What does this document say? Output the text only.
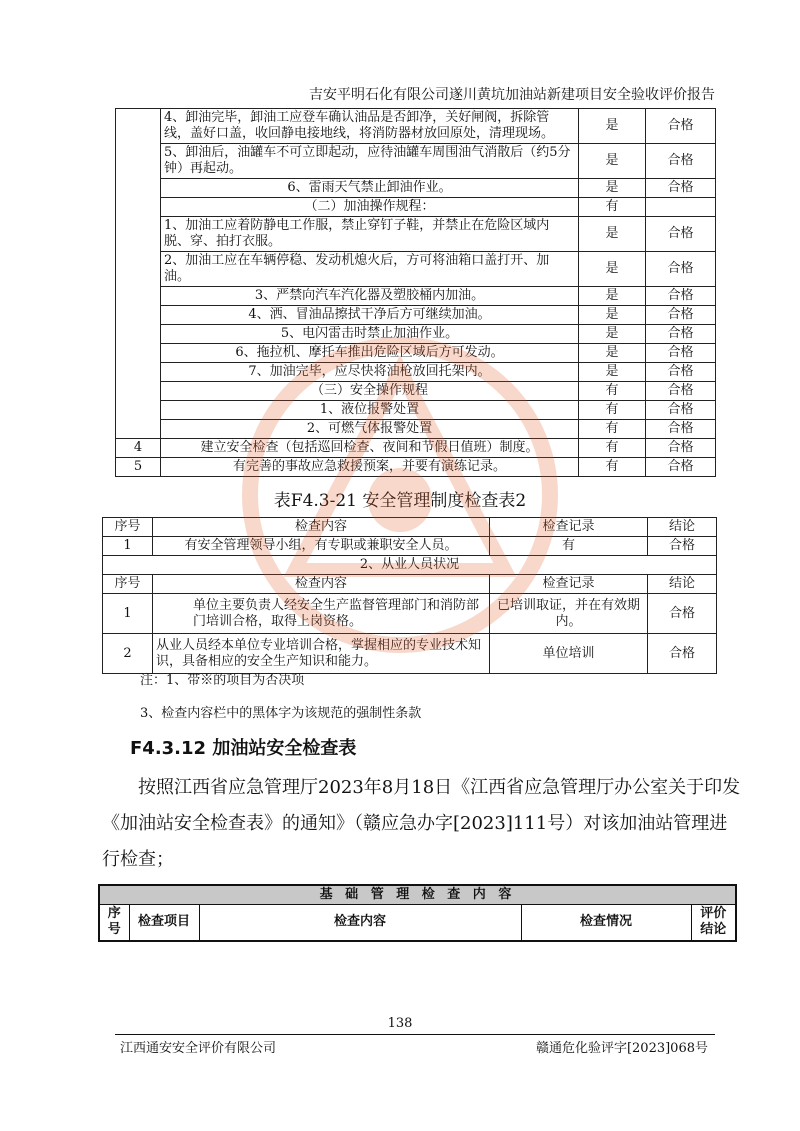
吉安平明石化有限公司遂川黄坑加油站新建项目安全验收评价报告
	4、卸油完毕，卸油工应登车确认油品是否卸净，关好闸阀，拆除管线，盖好口盖，收回静电接地线，将消防器材放回原处，清理现场。	是	合格
	5、卸油后，油罐车不可立即起动，应待油罐车周围油气消散后（约5分钟）再起动。	是	合格
	6、雷雨天气禁止卸油作业。	是	合格
	（二）加油操作规程：	有	
	1、加油工应着防静电工作服，禁止穿钉子鞋，并禁止在危险区域内脱、穿、拍打衣服。	是	合格
	2、加油工应在车辆停稳、发动机熄火后，方可将油箱口盖打开、加油。	是	合格
	3、严禁向汽车汽化器及塑胶桶内加油。	是	合格
	4、洒、冒油品擦拭干净后方可继续加油。	是	合格
	5、电闪雷击时禁止加油作业。	是	合格
	6、拖拉机、摩托车推出危险区域后方可发动。	是	合格
	7、加油完毕，应尽快将油枪放回托架内。	是	合格
	（三）安全操作规程	有	合格
	1、液位报警处置	有	合格
	2、可燃气体报警处置	有	合格
4	建立安全检查（包括巡回检查、夜间和节假日值班）制度。	有	合格
5	有完善的事故应急救援预案，并要有演练记录。	有	合格
表F4.3-21 安全管理制度检查表2
序号	检查内容	检查记录	结论
1	有安全管理领导小组，有专职或兼职安全人员。	有	合格
2、从业人员状况			
序号	检查内容	检查记录	结论
1	单位主要负责人经安全生产监督管理部门和消防部门培训合格，取得上岗资格。	已培训取证，并在有效期内。	合格
2	从业人员经本单位专业培训合格，掌握相应的专业技术知识，具备相应的安全生产知识和能力。	单位培训	合格
注：1、带※的项目为否决项
3、检查内容栏中的黑体字为该规范的强制性条款
F4.3.12 加油站安全检查表
按照江西省应急管理厅2023年8月18日《江西省应急管理厅办公室关于印发《加油站安全检查表》的通知》（赣应急办字[2023]111号）对该加油站管理进行检查；
基 础 管 理 检 查 内 容
序号	检查项目	检查内容	检查情况	评价结论
138
江西通安安全评价有限公司	赣通危化验评字[2023]068号
